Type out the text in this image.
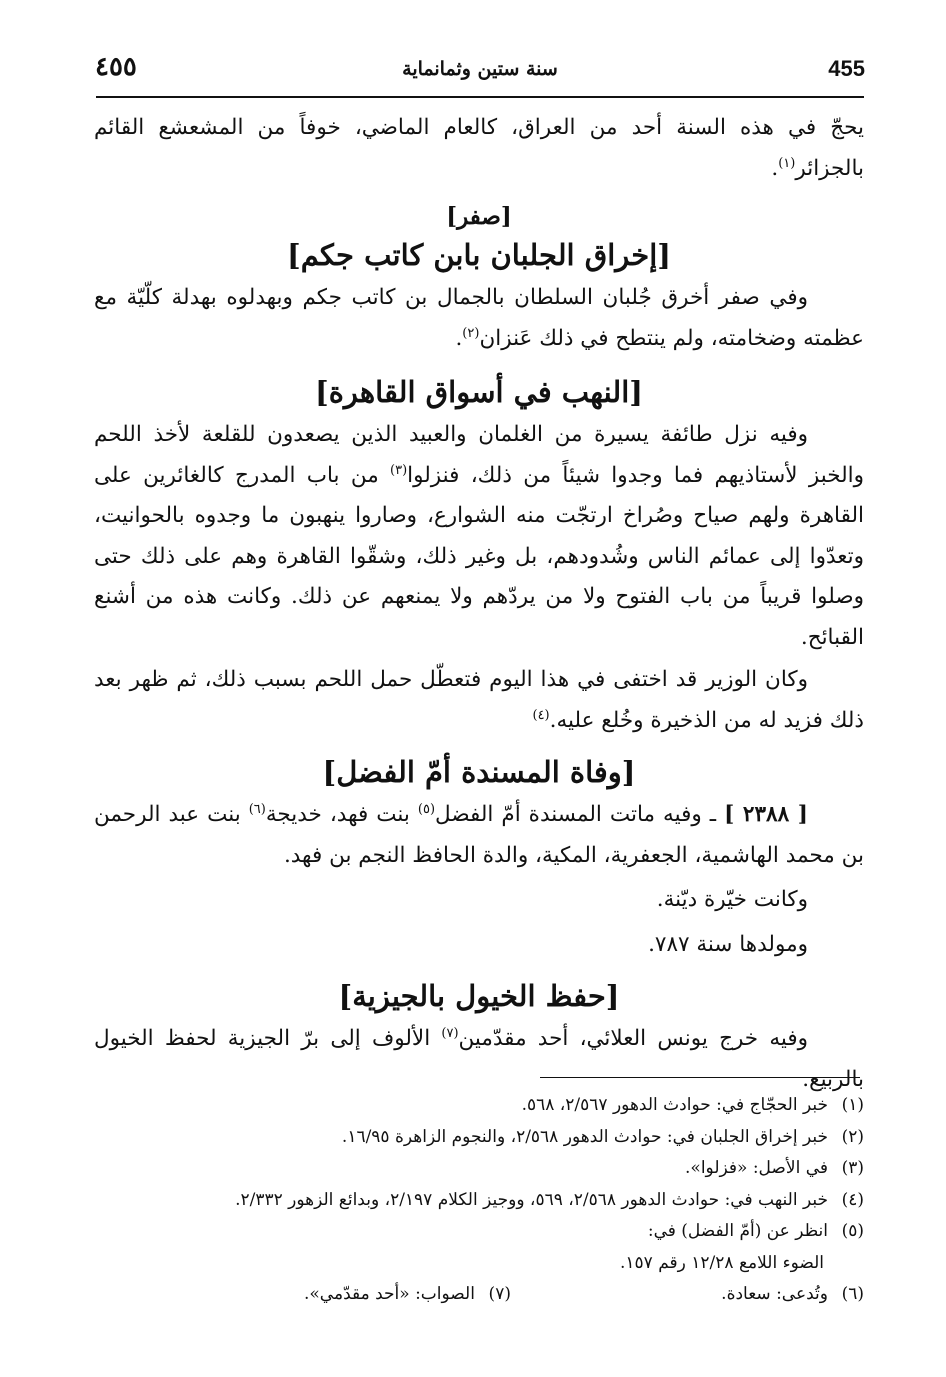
455
سنة ستين وثمانماية
٤٥٥

يحجّ في هذه السنة أحد من العراق، كالعام الماضي، خوفاً من المشعشع القائم بالجزائر$^{(١)}$.

[صفر]
[إخراق الجلبان بابن كاتب جكم]

وفي صفر أخرق جُلبان السلطان بالجمال بن كاتب جكم وبهدلوه بهدلة كلّيّة مع عظمته وضخامته، ولم ينتطح في ذلك عَنزان$^{(٢)}$.

[النهب في أسواق القاهرة]

وفيه نزل طائفة يسيرة من الغلمان والعبيد الذين يصعدون للقلعة لأخذ اللحم والخبز لأستاذيهم فما وجدوا شيئاً من ذلك، فنزلوا$^{(٣)}$ من باب المدرج كالغائرين على القاهرة ولهم صياح وصُراخ ارتجّت منه الشوارع، وصاروا ينهبون ما وجدوه بالحوانيت، وتعدّوا إلى عمائم الناس وشُدودهم، بل وغير ذلك، وشقّوا القاهرة وهم على ذلك حتى وصلوا قريباً من باب الفتوح ولا من يردّهم ولا يمنعهم عن ذلك. وكانت هذه من أشنع القبائح.

وكان الوزير قد اختفى في هذا اليوم فتعطّل حمل اللحم بسبب ذلك، ثم ظهر بعد ذلك فزيد له من الذخيرة وخُلع عليه.$^{(٤)}$

[وفاة المسندة أمّ الفضل]

[ ٢٣٨٨ ] ـ وفيه ماتت المسندة أمّ الفضل$^{(٥)}$ بنت فهد، خديجة$^{(٦)}$ بنت عبد الرحمن بن محمد الهاشمية، الجعفرية، المكية، والدة الحافظ النجم بن فهد.

وكانت خيّرة ديّنة.

ومولدها سنة ٧٨٧.

[حفظ الخيول بالجيزية]

وفيه خرج يونس العلائي، أحد مقدّمين$^{(٧)}$ الألوف إلى برّ الجيزية لحفظ الخيول بالربيع.

(١)خبر الحجّاج في: حوادث الدهور ٢/٥٦٧، ٥٦٨.
(٢)خبر إخراق الجلبان في: حوادث الدهور ٢/٥٦٨، والنجوم الزاهرة ١٦/٩٥.
(٣)في الأصل: «فزلوا».
(٤)خبر النهب في: حوادث الدهور ٢/٥٦٨، ٥٦٩، ووجيز الكلام ٢/١٩٧، وبدائع الزهور ٢/٣٣٢.
(٥)انظر عن (أمّ الفضل) في:
الضوء اللامع ١٢/٢٨ رقم ١٥٧.
(٦)وتُدعى: سعادة.
(٧)الصواب: «أحد مقدّمي».
